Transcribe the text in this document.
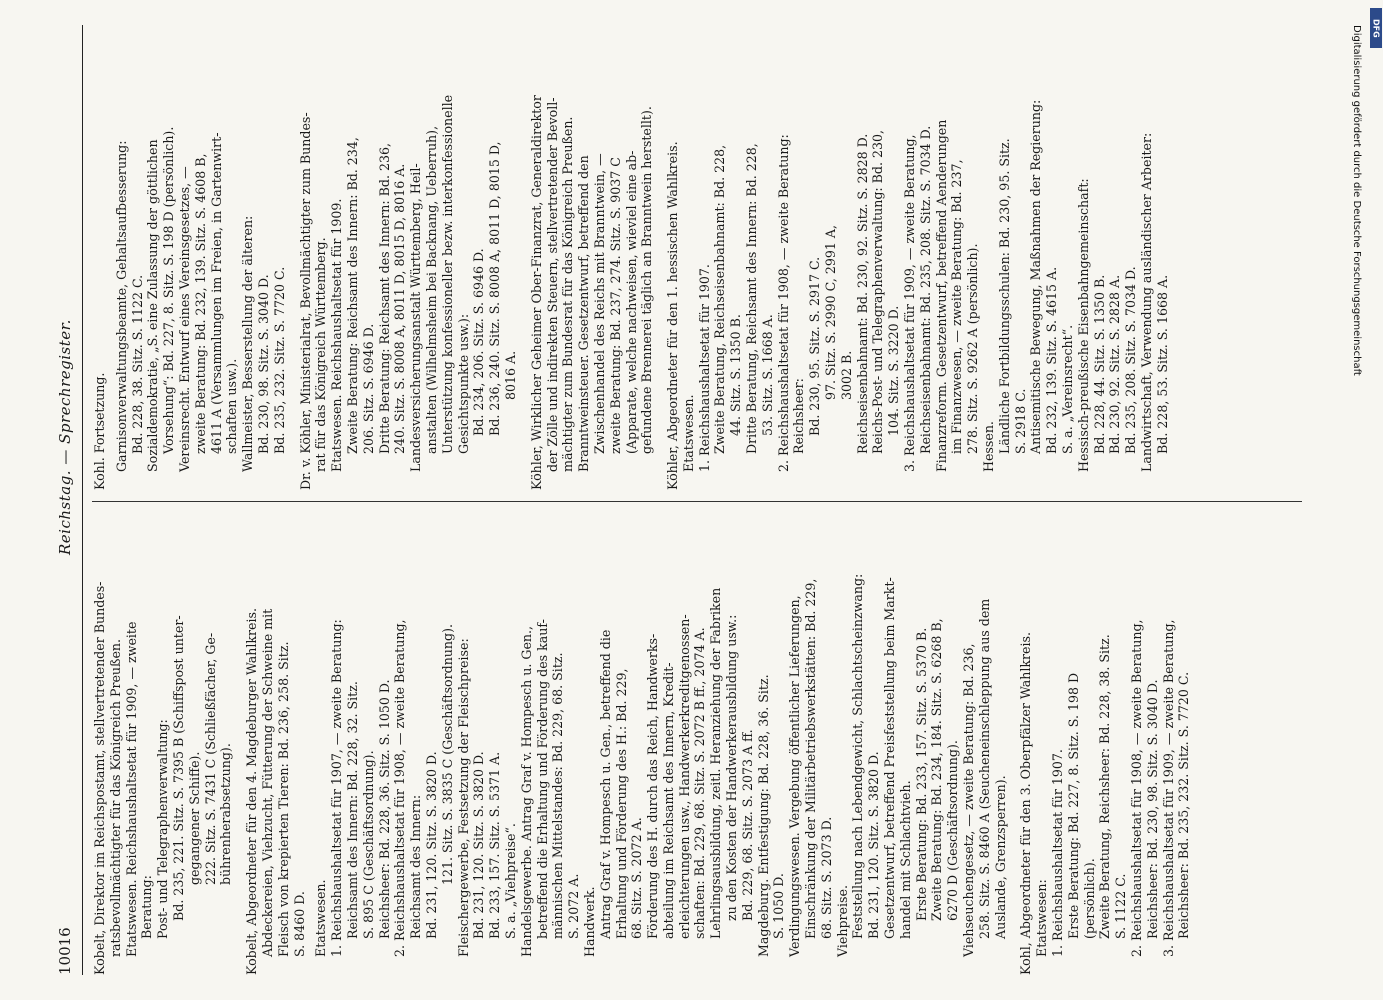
10016
Reichstag. — Sprechregister.
Kobelt, Direktor im Reichspostamt, stellvertretender Bundes- ratsbevollmächtigter für das Königreich Preußen. Etatswesen. Reichshaushaltsetat für 1909, — zweite Beratung: Post- und Telegraphenverwaltung: Bd. 235, 221. Sitz. S. 7395 B (Schiffspost unter- gegangener Schiffe). 222. Sitz. S. 7431 C (Schließfächer, Ge- bührenherabsetzung). Kobelt, Abgeordneter für den 4. Magdeburger Wahlkreis. Abdeckereien, Viehzucht, Fütterung der Schweine mit Fleisch von krepierten Tieren: Bd. 236, 258. Sitz. S. 8460 D. Etatswesen. 1. Reichshaushaltsetat für 1907, — zweite Beratung: Reichsamt des Innern: Bd. 228, 32. Sitz. S. 895 C (Geschäftsordnung). Reichsheer: Bd. 228, 36. Sitz. S. 1050 D. 2. Reichshaushaltsetat für 1908, — zweite Beratung, Reichsamt des Innern: Bd. 231, 120. Sitz. S. 3820 D. 121. Sitz. S. 3835 C (Geschäftsordnung). Fleischergewerbe, Festsetzung der Fleischpreise: Bd. 231, 120. Sitz. S. 3820 D. Bd. 233, 157. Sitz. S. 5371 A. S. a. „Viehpreise“. Handelsgewerbe. Antrag Graf v. Hompesch u. Gen., betreffend die Erhaltung und Förderung des kauf- männischen Mittelstandes: Bd. 229, 68. Sitz. S. 2072 A. Handwerk. Antrag Graf v. Hompesch u. Gen., betreffend die Erhaltung und Förderung des H.: Bd. 229, 68. Sitz. S. 2072 A. Förderung des H. durch das Reich, Handwerks- abteilung im Reichsamt des Innern, Kredit- erleichterungen usw., Handwerkerkreditgenossen- schaften: Bd. 229, 68. Sitz. S. 2072 B ff., 2074 A. Lehrlingsausbildung, zeitl. Heranziehung der Fabriken zu den Kosten der Handwerkerausbildung usw.: Bd. 229, 68. Sitz. S. 2073 A ff. Magdeburg. Entfestigung: Bd. 228, 36. Sitz. S. 1050 D. Verdingungswesen. Vergebung öffentlicher Lieferungen, Einschränkung der Militärbetriebswerkstätten: Bd. 229, 68. Sitz. S. 2073 D. Viehpreise. Feststellung nach Lebendgewicht, Schlachtscheinzwang: Bd. 231, 120. Sitz. S. 3820 D. Gesetzentwurf, betreffend Preisfeststellung beim Markt- handel mit Schlachtvieh. Erste Beratung: Bd. 233, 157. Sitz. S. 5370 B. Zweite Beratung: Bd. 234, 184. Sitz. S. 6268 B, 6270 D (Geschäftsordnung). Viehseuchengesetz, — zweite Beratung: Bd. 236, 258. Sitz. S. 8460 A (Seucheneinschleppung aus dem Auslande, Grenzsperren). Kohl, Abgeordneter für den 3. Oberpfälzer Wahlkreis. Etatswesen: 1. Reichshaushaltsetat für 1907. Erste Beratung: Bd. 227, 8. Sitz. S. 198 D (persönlich). Zweite Beratung, Reichsheer: Bd. 228, 38. Sitz. S. 1122 C. 2. Reichshaushaltsetat für 1908, — zweite Beratung, Reichsheer: Bd. 230, 98. Sitz. S. 3040 D. 3. Reichshaushaltsetat für 1909, — zweite Beratung, Reichsheer: Bd. 235, 232. Sitz. S. 7720 C.
Kohl. Fortsetzung. Garnisonverwaltungsbeamte, Gehaltsaufbesserung: Bd. 228, 38. Sitz. S. 1122 C. Sozialdemokratie, „S. eine Zulassung der göttlichen Vorsehung“: Bd. 227, 8. Sitz. S. 198 D (persönlich). Vereinsrecht. Entwurf eines Vereinsgesetzes, — zweite Beratung: Bd. 232, 139. Sitz. S. 4608 B, 4611 A (Versammlungen im Freien, in Gartenwirt- schaften usw.). Wallmeister, Besserstellung der älteren: Bd. 230, 98. Sitz. S. 3040 D. Bd. 235, 232. Sitz. S. 7720 C. Dr. v. Köhler, Ministerialrat, Bevollmächtigter zum Bundes- rat für das Königreich Württemberg. Etatswesen. Reichshaushaltsetat für 1909. Zweite Beratung: Reichsamt des Innern: Bd. 234, 206. Sitz. S. 6946 D. Dritte Beratung: Reichsamt des Innern: Bd. 236, 240. Sitz. S. 8008 A, 8011 D, 8015 D, 8016 A. Landesversicherungsanstalt Württemberg, Heil- anstalten (Wilhelmsheim bei Backnang, Ueberruh), Unterstützung konfessioneller bezw. interkonfessionelle Gesichtspunkte usw.): Bd. 234, 206. Sitz. S. 6946 D. Bd. 236, 240. Sitz. S. 8008 A, 8011 D, 8015 D, 8016 A. Köhler, Wirklicher Geheimer Ober-Finanzrat, Generaldirektor der Zölle und indirekten Steuern, stellvertretender Bevoll- mächtigter zum Bundesrat für das Königreich Preußen. Branntweinsteuer. Gesetzentwurf, betreffend den Zwischenhandel des Reichs mit Branntwein, — zweite Beratung: Bd. 237, 274. Sitz. S. 9037 C (Apparate, welche nachweisen, wieviel eine ab- gefundene Brennerei täglich an Branntwein herstellt). Köhler, Abgeordneter für den 1. hessischen Wahlkreis. Etatswesen. 1. Reichshaushaltsetat für 1907. Zweite Beratung, Reichseisenbahnamt: Bd. 228, 44. Sitz. S. 1350 B. Dritte Beratung, Reichsamt des Innern: Bd. 228, 53. Sitz. S. 1668 A. 2. Reichshaushaltsetat für 1908, — zweite Beratung: Reichsheer: Bd. 230, 95. Sitz. S. 2917 C. 97. Sitz. S. 2990 C, 2991 A, 3002 B. Reichseisenbahnamt: Bd. 230, 92. Sitz. S. 2828 D. Reichs-Post- und Telegraphenverwaltung: Bd. 230, 104. Sitz. S. 3220 D. 3. Reichshaushaltsetat für 1909, — zweite Beratung, Reichseisenbahnamt: Bd. 235, 208. Sitz. S. 7034 D. Finanzreform. Gesetzentwurf, betreffend Aenderungen im Finanzwesen, — zweite Beratung: Bd. 237, 278. Sitz. S. 9262 A (persönlich). Hessen. Ländliche Fortbildungsschulen: Bd. 230, 95. Sitz. S. 2918 C. Antisemitische Bewegung, Maßnahmen der Regierung: Bd. 232, 139. Sitz. S. 4615 A. S. a. „Vereinsrecht“. Hessisch-preußische Eisenbahngemeinschaft: Bd. 228, 44. Sitz. S. 1350 B. Bd. 230, 92. Sitz. S. 2828 A. Bd. 235, 208. Sitz. S. 7034 D. Landwirtschaft, Verwendung ausländischer Arbeiter: Bd. 228, 53. Sitz. S. 1668 A.	Digitalisierung gefördert durch die Deutsche Forschungsgemeinschaft	DFG
